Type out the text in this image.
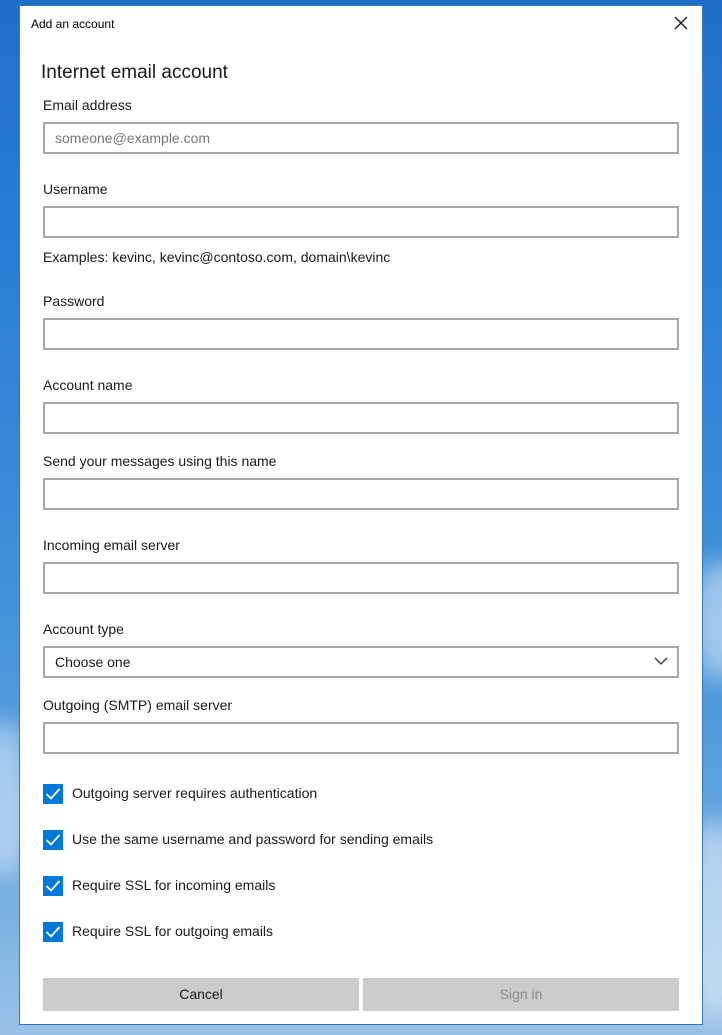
Add an account
Internet email account
Email address
someone@example.com
Username
Examples: kevinc, kevinc@contoso.com, domain\kevinc
Password
Account name
Send your messages using this name
Incoming email server
Account type
Choose one
Outgoing (SMTP) email server
Outgoing server requires authentication
Use the same username and password for sending emails
Require SSL for incoming emails
Require SSL for outgoing emails
Cancel	Sign in
